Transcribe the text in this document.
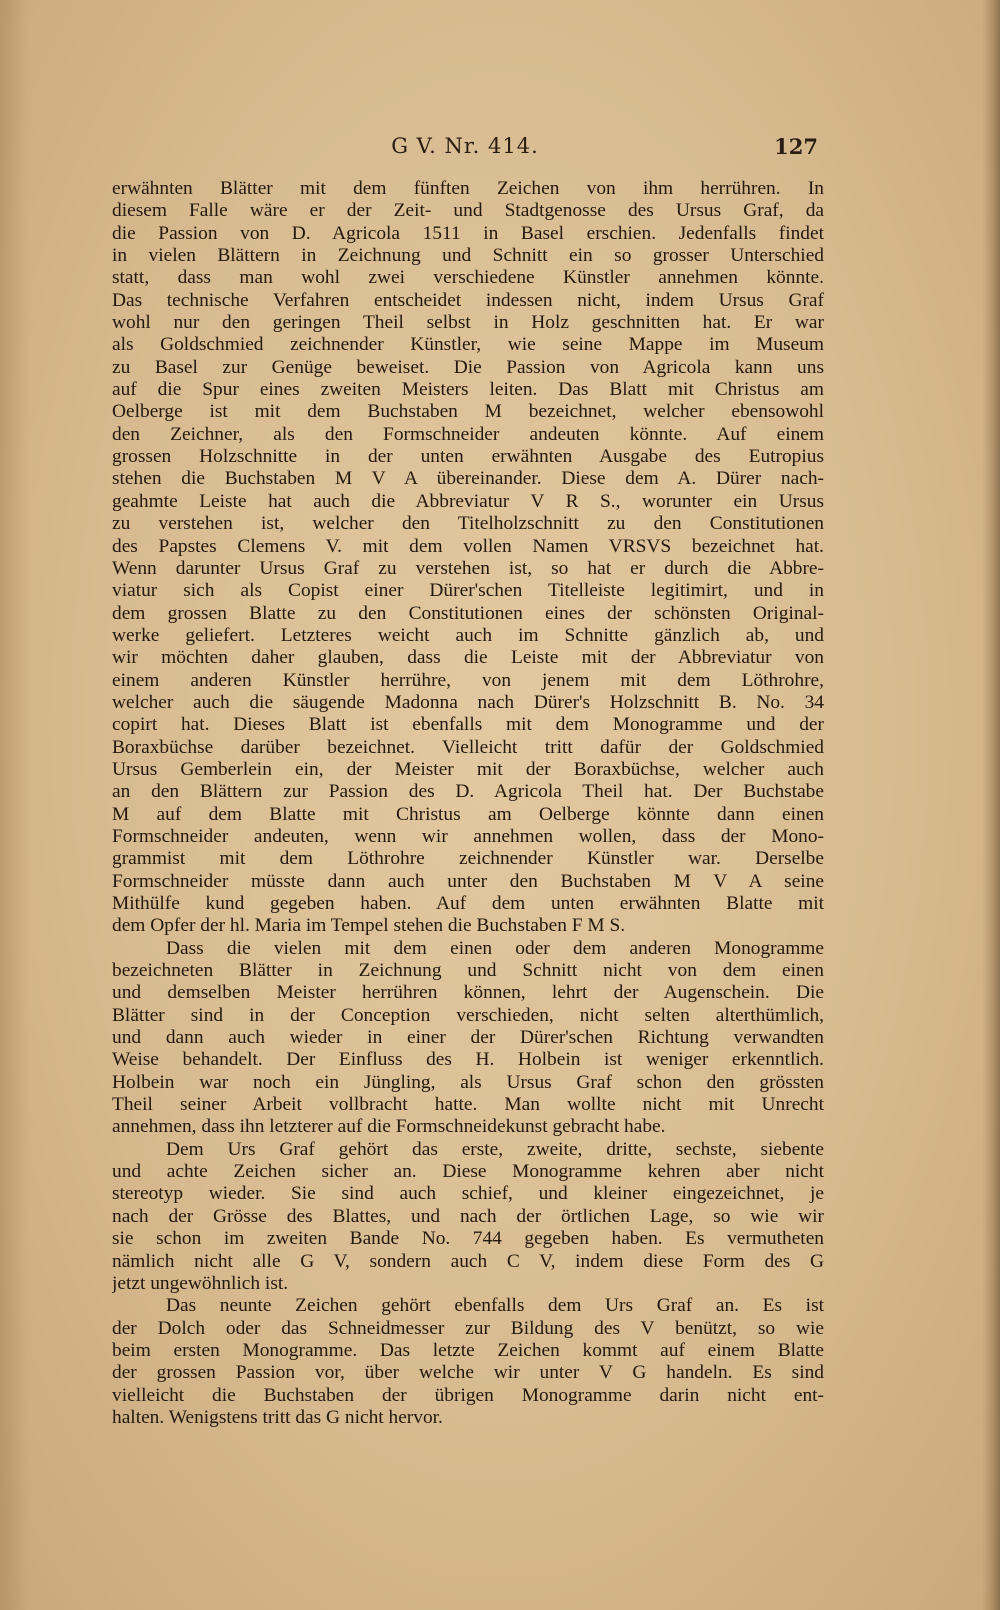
G V. Nr. 414.	127
erwähnten Blätter mit dem fünften Zeichen von ihm herrühren. In
diesem Falle wäre er der Zeit- und Stadtgenosse des Ursus Graf, da
die Passion von D. Agricola 1511 in Basel erschien. Jedenfalls findet
in vielen Blättern in Zeichnung und Schnitt ein so grosser Unterschied
statt, dass man wohl zwei verschiedene Künstler annehmen könnte.
Das technische Verfahren entscheidet indessen nicht, indem Ursus Graf
wohl nur den geringen Theil selbst in Holz geschnitten hat. Er war
als Goldschmied zeichnender Künstler, wie seine Mappe im Museum
zu Basel zur Genüge beweiset. Die Passion von Agricola kann uns
auf die Spur eines zweiten Meisters leiten. Das Blatt mit Christus am
Oelberge ist mit dem Buchstaben M bezeichnet, welcher ebensowohl
den Zeichner, als den Formschneider andeuten könnte. Auf einem
grossen Holzschnitte in der unten erwähnten Ausgabe des Eutropius
stehen die Buchstaben M V A übereinander. Diese dem A. Dürer nach-
geahmte Leiste hat auch die Abbreviatur V R S., worunter ein Ursus
zu verstehen ist, welcher den Titelholzschnitt zu den Constitutionen
des Papstes Clemens V. mit dem vollen Namen VRSVS bezeichnet hat.
Wenn darunter Ursus Graf zu verstehen ist, so hat er durch die Abbre-
viatur sich als Copist einer Dürer'schen Titelleiste legitimirt, und in
dem grossen Blatte zu den Constitutionen eines der schönsten Original-
werke geliefert. Letzteres weicht auch im Schnitte gänzlich ab, und
wir möchten daher glauben, dass die Leiste mit der Abbreviatur von
einem anderen Künstler herrühre, von jenem mit dem Löthrohre,
welcher auch die säugende Madonna nach Dürer's Holzschnitt B. No. 34
copirt hat. Dieses Blatt ist ebenfalls mit dem Monogramme und der
Boraxbüchse darüber bezeichnet. Vielleicht tritt dafür der Goldschmied
Ursus Gemberlein ein, der Meister mit der Boraxbüchse, welcher auch
an den Blättern zur Passion des D. Agricola Theil hat. Der Buchstabe
M auf dem Blatte mit Christus am Oelberge könnte dann einen
Formschneider andeuten, wenn wir annehmen wollen, dass der Mono-
grammist mit dem Löthrohre zeichnender Künstler war. Derselbe
Formschneider müsste dann auch unter den Buchstaben M V A seine
Mithülfe kund gegeben haben. Auf dem unten erwähnten Blatte mit
dem Opfer der hl. Maria im Tempel stehen die Buchstaben F M S.
Dass die vielen mit dem einen oder dem anderen Monogramme
bezeichneten Blätter in Zeichnung und Schnitt nicht von dem einen
und demselben Meister herrühren können, lehrt der Augenschein. Die
Blätter sind in der Conception verschieden, nicht selten alterthümlich,
und dann auch wieder in einer der Dürer'schen Richtung verwandten
Weise behandelt. Der Einfluss des H. Holbein ist weniger erkenntlich.
Holbein war noch ein Jüngling, als Ursus Graf schon den grössten
Theil seiner Arbeit vollbracht hatte. Man wollte nicht mit Unrecht
annehmen, dass ihn letzterer auf die Formschneidekunst gebracht habe.
Dem Urs Graf gehört das erste, zweite, dritte, sechste, siebente
und achte Zeichen sicher an. Diese Monogramme kehren aber nicht
stereotyp wieder. Sie sind auch schief, und kleiner eingezeichnet, je
nach der Grösse des Blattes, und nach der örtlichen Lage, so wie wir
sie schon im zweiten Bande No. 744 gegeben haben. Es vermutheten
nämlich nicht alle G V, sondern auch C V, indem diese Form des G
jetzt ungewöhnlich ist.
Das neunte Zeichen gehört ebenfalls dem Urs Graf an. Es ist
der Dolch oder das Schneidmesser zur Bildung des V benützt, so wie
beim ersten Monogramme. Das letzte Zeichen kommt auf einem Blatte
der grossen Passion vor, über welche wir unter V G handeln. Es sind
vielleicht die Buchstaben der übrigen Monogramme darin nicht ent-
halten. Wenigstens tritt das G nicht hervor.
